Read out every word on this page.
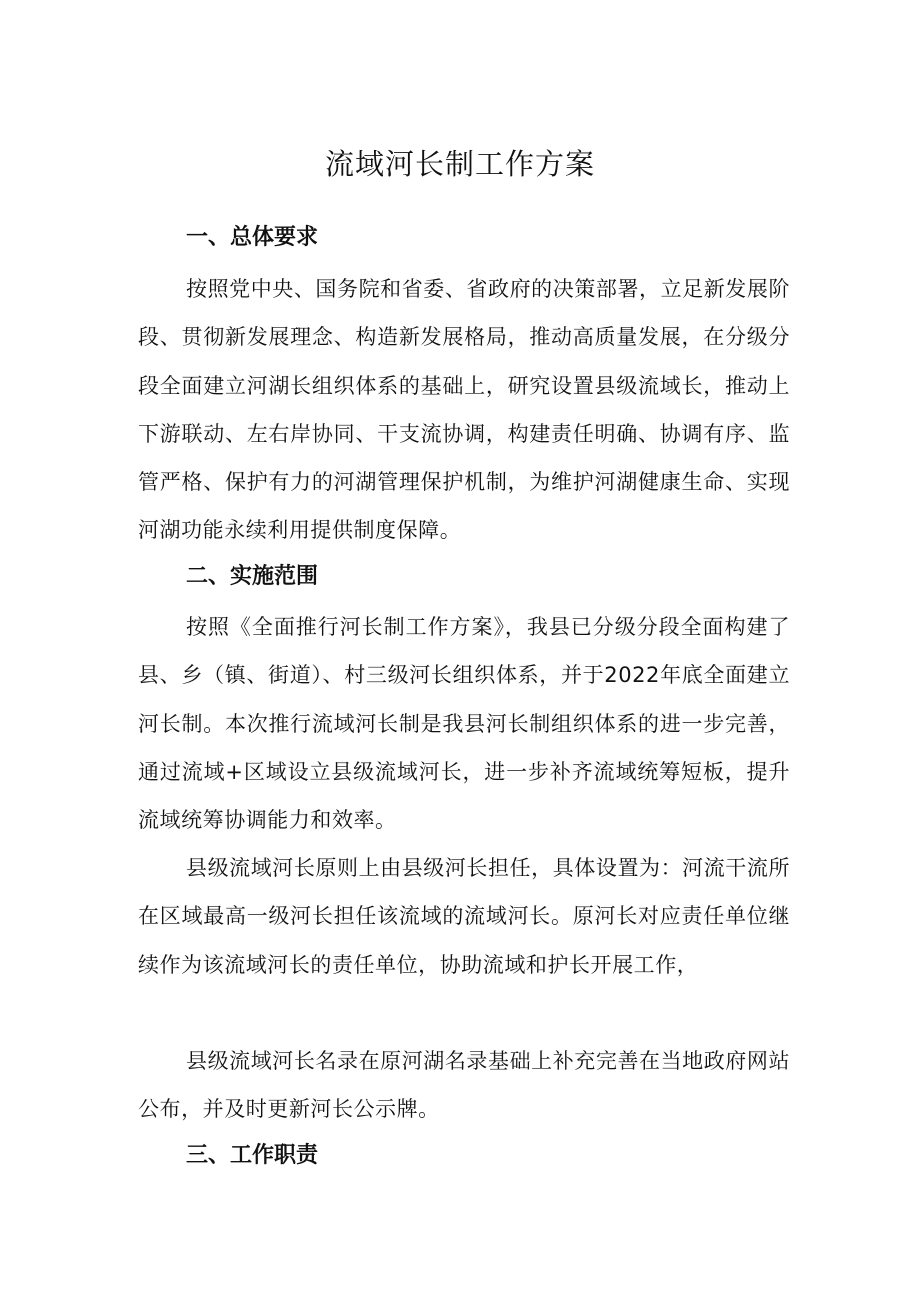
流域河长制工作方案
一、总体要求

按照党中央、国务院和省委、省政府的决策部署，立足新发展阶段、贯彻新发展理念、构造新发展格局，推动高质量发展，在分级分段全面建立河湖长组织体系的基础上，研究设置县级流域长，推动上下游联动、左右岸协同、干支流协调，构建责任明确、协调有序、监管严格、保护有力的河湖管理保护机制，为维护河湖健康生命、实现河湖功能永续利用提供制度保障。

二、实施范围

按照《全面推行河长制工作方案》，我县已分级分段全面构建了县、乡（镇、街道）、村三级河长组织体系，并于2022年底全面建立河长制。本次推行流域河长制是我县河长制组织体系的进一步完善，通过流域+区域设立县级流域河长，进一步补齐流域统筹短板，提升流域统筹协调能力和效率。

县级流域河长原则上由县级河长担任，具体设置为：河流干流所在区域最高一级河长担任该流域的流域河长。原河长对应责任单位继续作为该流域河长的责任单位，协助流域和护长开展工作，

县级流域河长名录在原河湖名录基础上补充完善在当地政府网站公布，并及时更新河长公示牌。

三、工作职责
